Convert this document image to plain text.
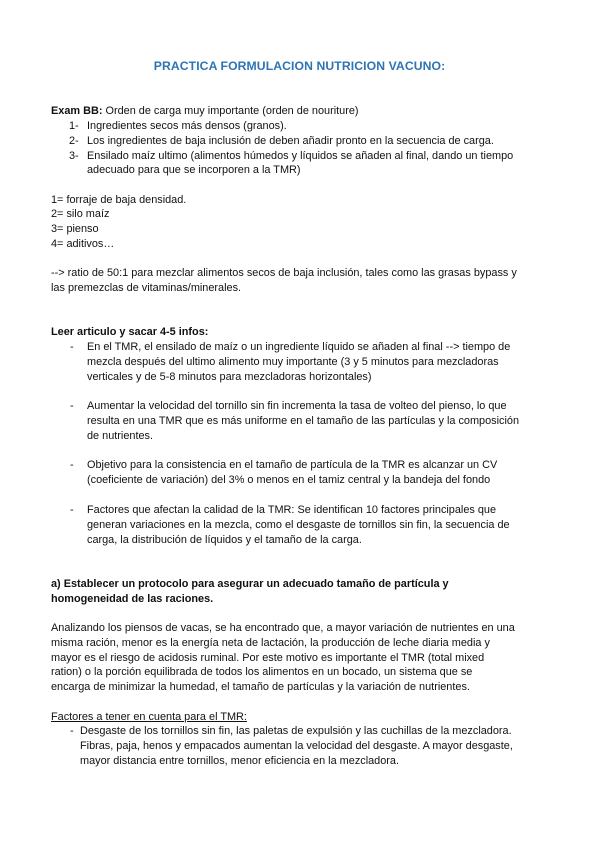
PRACTICA FORMULACION NUTRICION VACUNO:
Exam BB: Orden de carga muy importante (orden de nouriture)
1- Ingredientes secos más densos (granos).
2- Los ingredientes de baja inclusión de deben añadir pronto en la secuencia de carga.
3- Ensilado maíz ultimo (alimentos húmedos y líquidos se añaden al final, dando un tiempo
adecuado para que se incorporen a la TMR)
1= forraje de baja densidad.
2= silo maíz
3= pienso
4= aditivos…
--> ratio de 50:1 para mezclar alimentos secos de baja inclusión, tales como las grasas bypass y
las premezclas de vitaminas/minerales.
Leer articulo y sacar 4-5 infos:
- En el TMR, el ensilado de maíz o un ingrediente líquido se añaden al final --> tiempo de
mezcla después del ultimo alimento muy importante (3 y 5 minutos para mezcladoras
verticales y de 5-8 minutos para mezcladoras horizontales)
- Aumentar la velocidad del tornillo sin fin incrementa la tasa de volteo del pienso, lo que
resulta en una TMR que es más uniforme en el tamaño de las partículas y la composición
de nutrientes.
- Objetivo para la consistencia en el tamaño de partícula de la TMR es alcanzar un CV
(coeficiente de variación) del 3% o menos en el tamiz central y la bandeja del fondo
- Factores que afectan la calidad de la TMR: Se identifican 10 factores principales que
generan variaciones en la mezcla, como el desgaste de tornillos sin fin, la secuencia de
carga, la distribución de líquidos y el tamaño de la carga.
a) Establecer un protocolo para asegurar un adecuado tamaño de partícula y
homogeneidad de las raciones.
Analizando los piensos de vacas, se ha encontrado que, a mayor variación de nutrientes en una
misma ración, menor es la energía neta de lactación, la producción de leche diaria media y
mayor es el riesgo de acidosis ruminal. Por este motivo es importante el TMR (total mixed
ration) o la porción equilibrada de todos los alimentos en un bocado, un sistema que se
encarga de minimizar la humedad, el tamaño de partículas y la variación de nutrientes.
Factores a tener en cuenta para el TMR:
- Desgaste de los tornillos sin fin, las paletas de expulsión y las cuchillas de la mezcladora.
Fibras, paja, henos y empacados aumentan la velocidad del desgaste. A mayor desgaste,
mayor distancia entre tornillos, menor eficiencia en la mezcladora.
